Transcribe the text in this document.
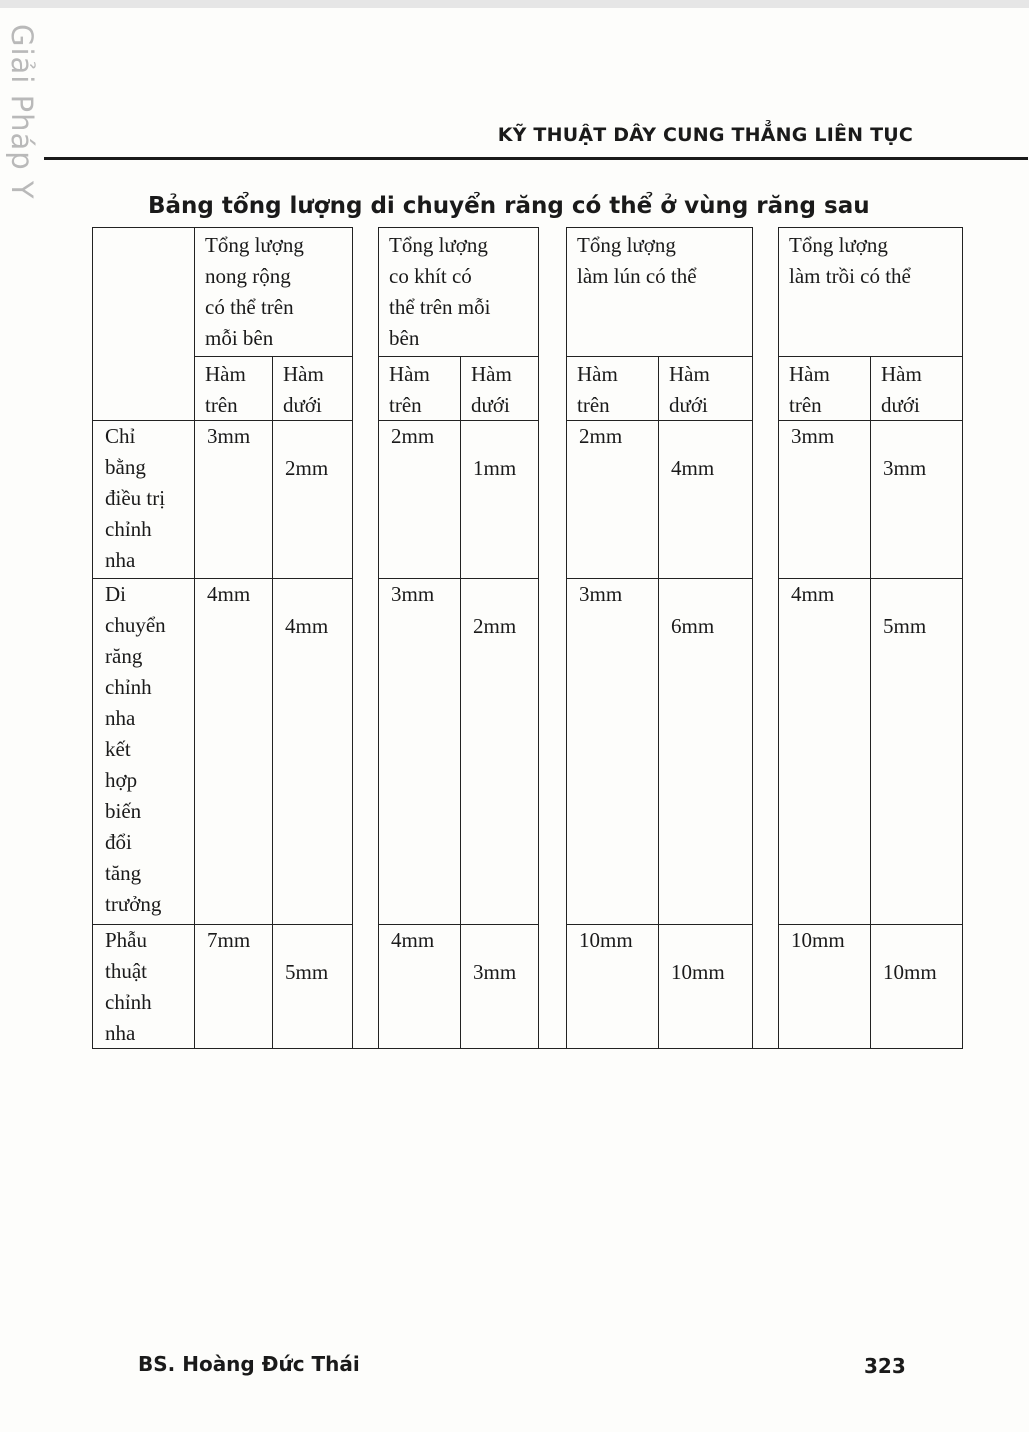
Giải Pháp Y
KỸ THUẬT DÂY CUNG THẲNG LIÊN TỤC
Bảng tổng lượng di chuyển răng có thể ở vùng răng sau
Tổng lượng
nong rộng
có thể trên
mỗi bên
Hàm
trên
Hàm
dưới
Tổng lượng
co khít có
thể trên mỗi
bên
Hàm
trên
Hàm
dưới
Tổng lượng
làm lún có thể
Hàm
trên
Hàm
dưới
Tổng lượng
làm trồi có thể
Hàm
trên
Hàm
dưới
Chỉ
bằng
điều trị
chỉnh
nha
3mm
2mm
2mm
1mm
2mm
4mm
3mm
3mm
Di
chuyển
răng
chỉnh
nha
kết
hợp
biến
đổi
tăng
trưởng
4mm
4mm
3mm
2mm
3mm
6mm
4mm
5mm
Phẫu
thuật
chỉnh
nha
7mm
5mm
4mm
3mm
10mm
10mm
10mm
10mm
BS. Hoàng Đức Thái	323
